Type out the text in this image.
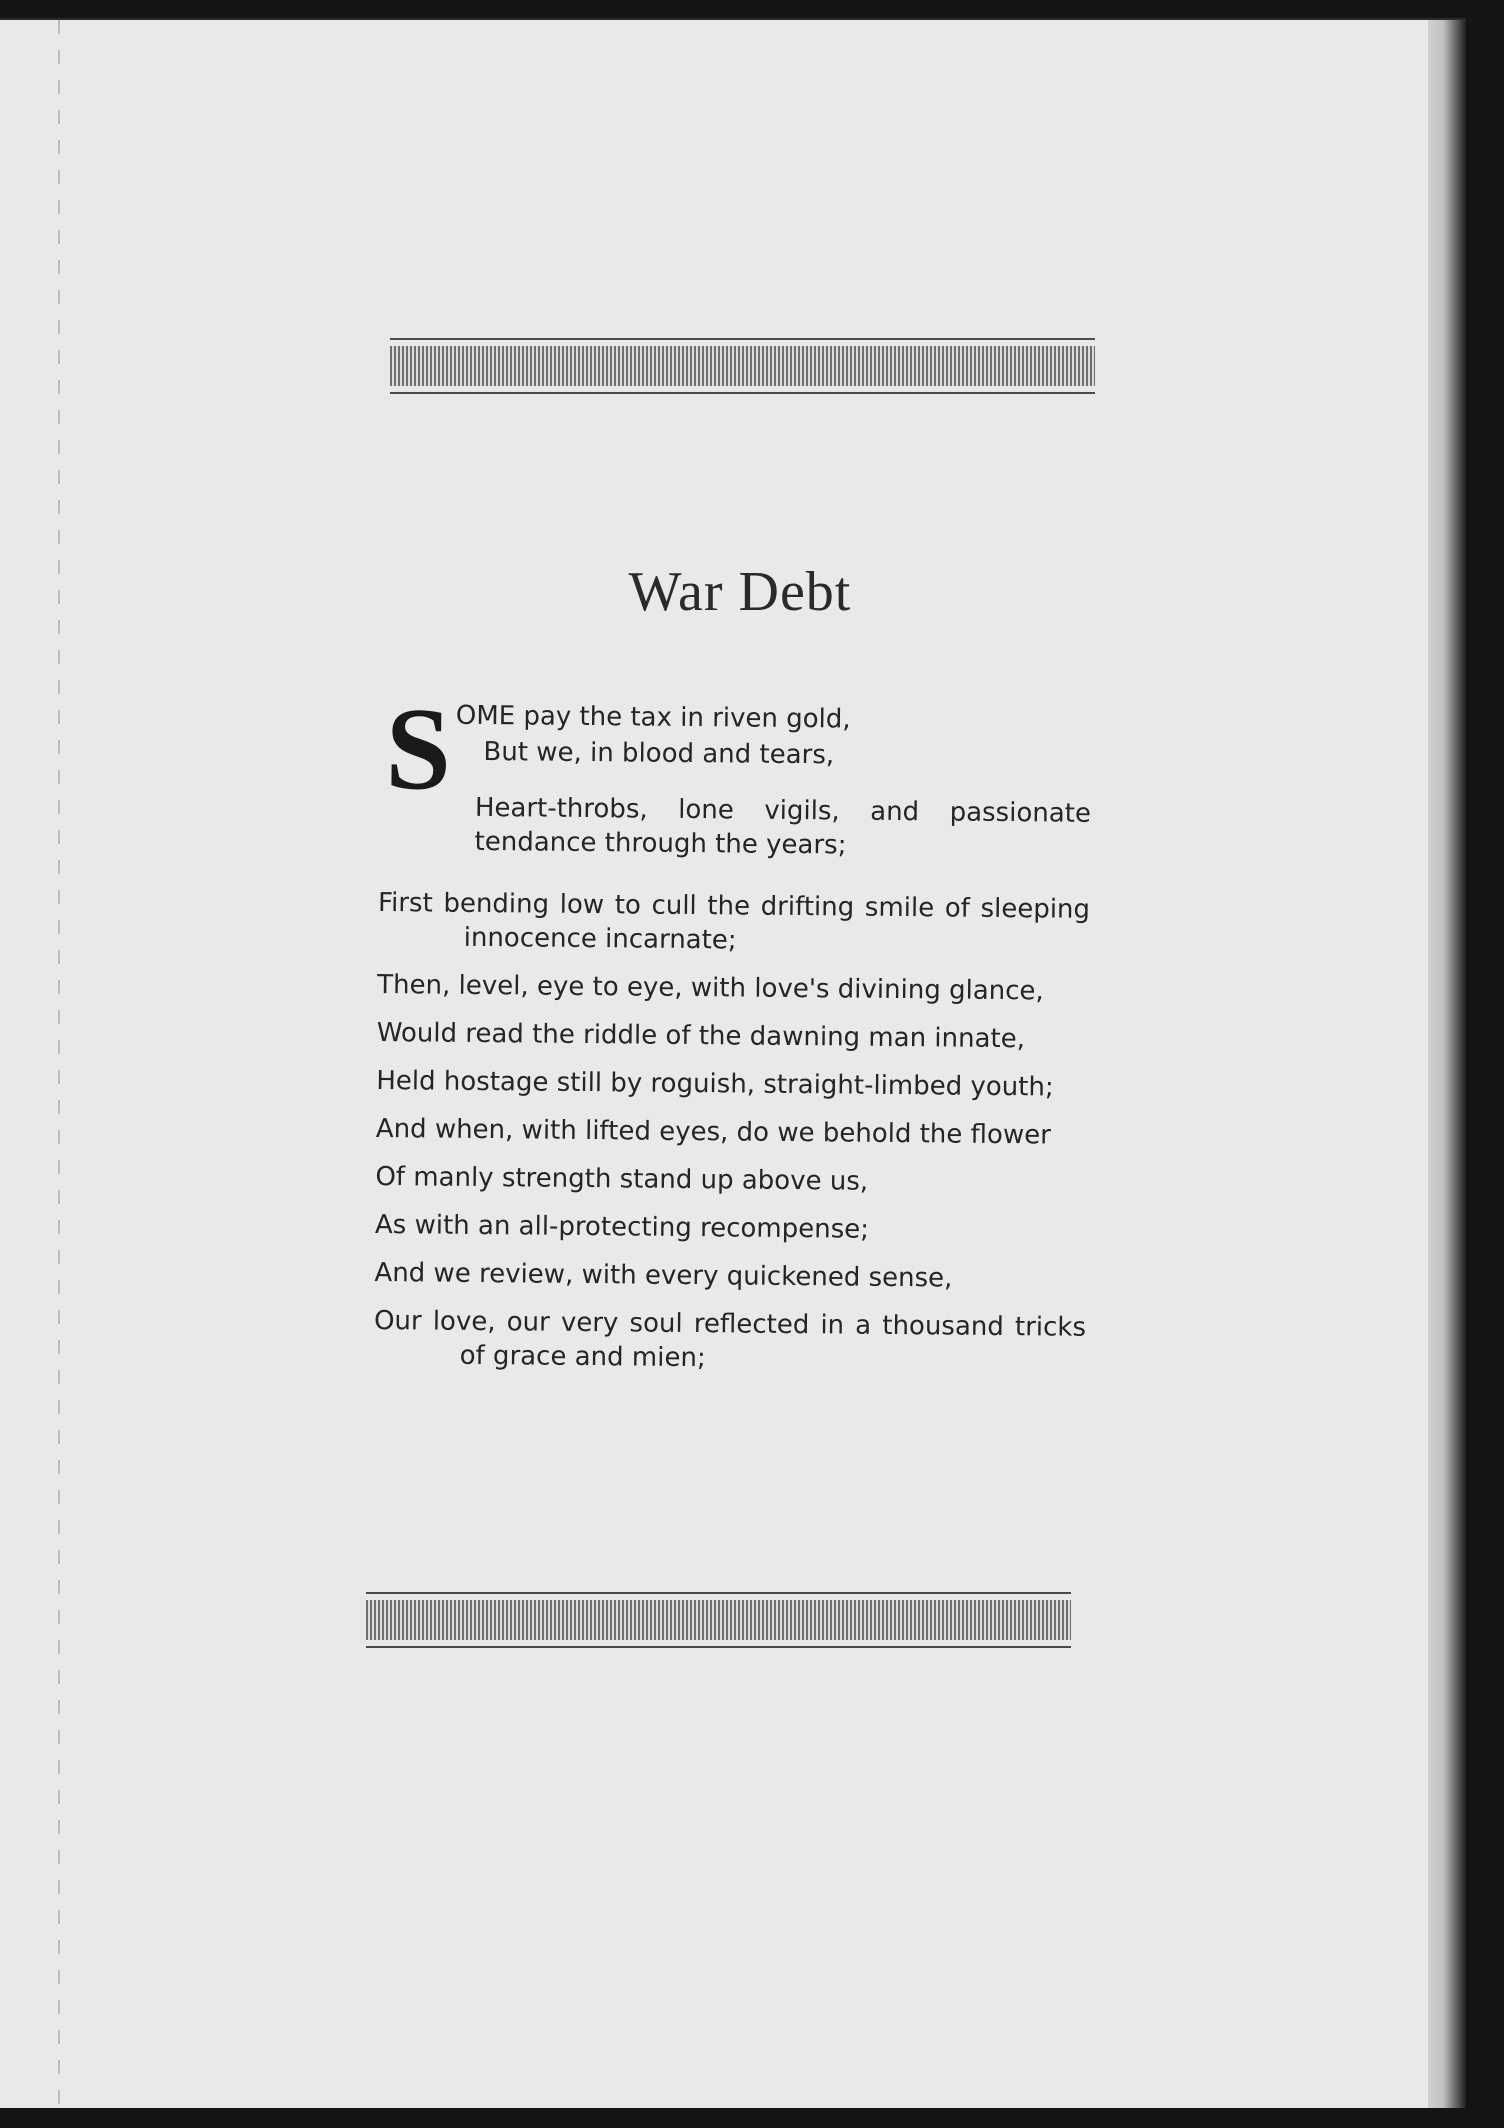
War Debt
S OME pay the tax in riven gold,
But we, in blood and tears,
Heart-throbs, lone vigils, and passionate tendance through the years;
First bending low to cull the drifting smile of sleeping innocence incarnate;
Then, level, eye to eye, with love's divining glance,
Would read the riddle of the dawning man innate,
Held hostage still by roguish, straight-limbed youth;
And when, with lifted eyes, do we behold the flower
Of manly strength stand up above us,
As with an all-protecting recompense;
And we review, with every quickened sense,
Our love, our very soul reflected in a thousand tricks of grace and mien;
